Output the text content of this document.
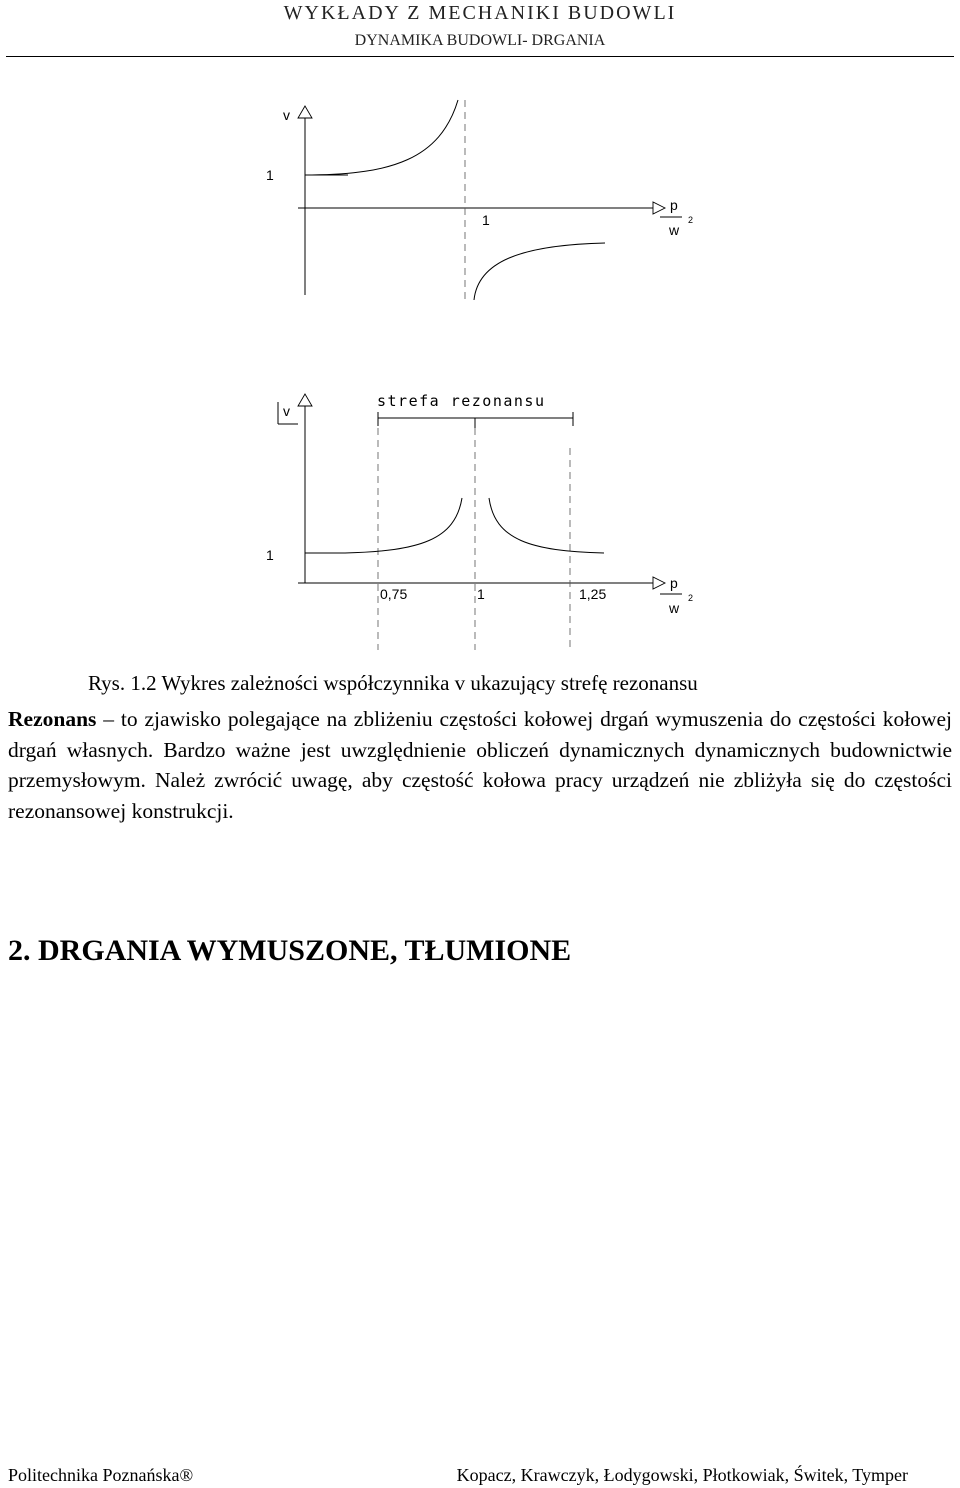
WYKŁADY Z MECHANIKI BUDOWLI
DYNAMIKA BUDOWLI- DRGANIA
v
1
1
p
w
2
v
strefa rezonansu
1
0,75	1	1,25
p
w
2
Rys. 1.2 Wykres zależności współczynnika v ukazujący strefę rezonansu
Rezonans – to zjawisko polegające na zbliżeniu częstości kołowej drgań wymuszenia do częstości kołowej drgań własnych. Bardzo ważne jest uwzględnienie obliczeń dynamicznych dynamicznych budownictwie przemysłowym. Należ zwrócić uwagę, aby częstość kołowa pracy urządzeń nie zbliżyła się do częstości rezonansowej konstrukcji.
2. DRGANIA WYMUSZONE, TŁUMIONE
Politechnika Poznańska®	Kopacz, Krawczyk, Łodygowski, Płotkowiak, Świtek, Tymper
